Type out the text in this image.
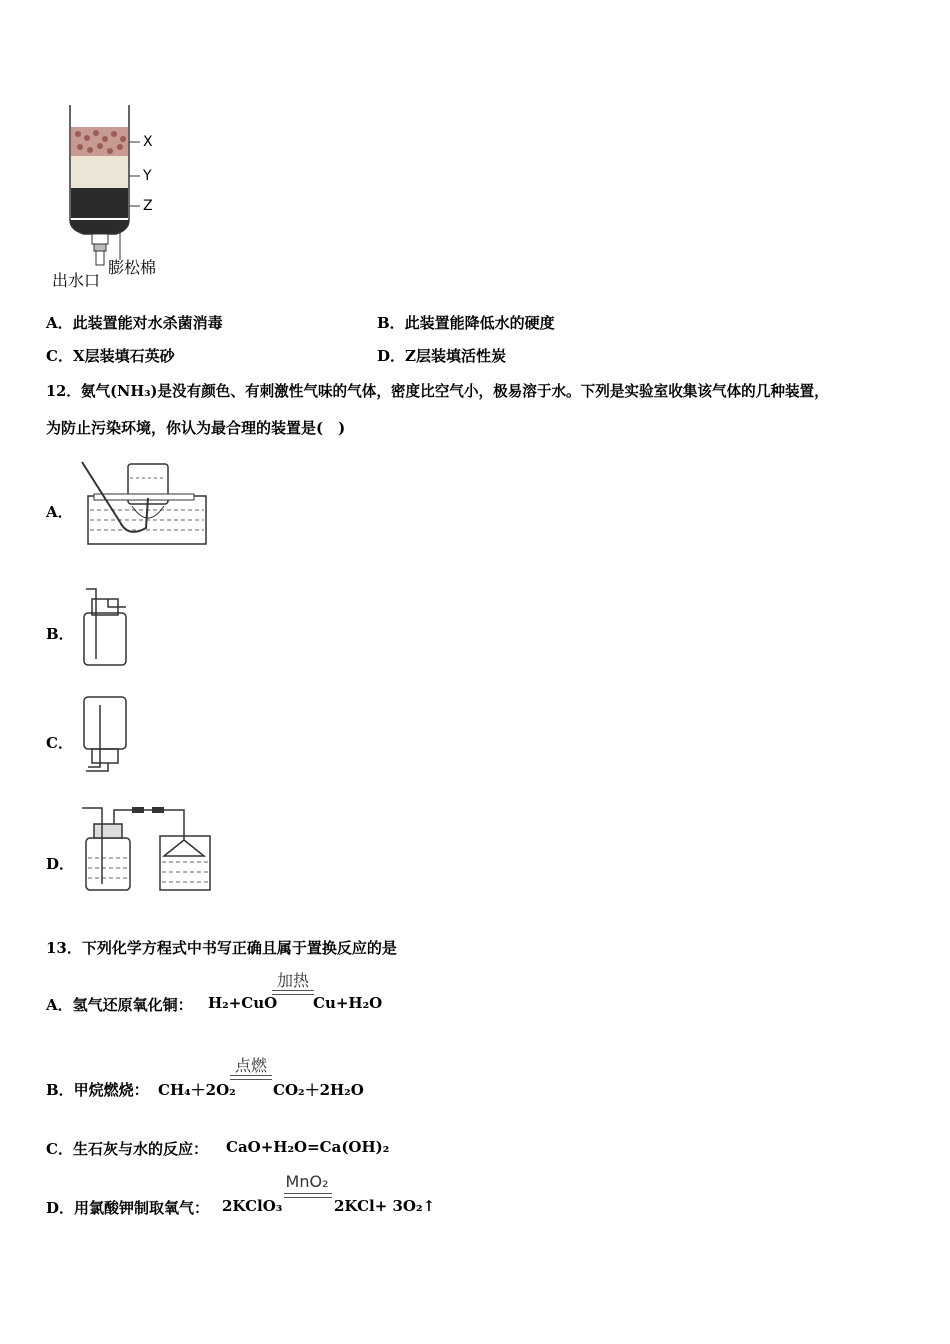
X
Y
Z
膨松棉
出水口
A．此装置能对水杀菌消毒	B．此装置能降低水的硬度
C．X层装填石英砂	D．Z层装填活性炭
12．氨气(NH₃)是没有颜色、有刺激性气味的气体，密度比空气小，极易溶于水。下列是实验室收集该气体的几种装置，
为防止污染环境，你认为最合理的装置是(　)
A．
B．
C．
D．
13．下列化学方程式中书写正确且属于置换反应的是
A．氢气还原氧化铜： H₂+CuO
加热
Cu+H₂O
B．甲烷燃烧： CH₄＋2O₂
点燃
CO₂＋2H₂O
C．生石灰与水的反应： CaO+H₂O=Ca(OH)₂
D．用氯酸钾制取氧气： 2KClO₃
MnO₂
2KCl+ 3O₂↑
